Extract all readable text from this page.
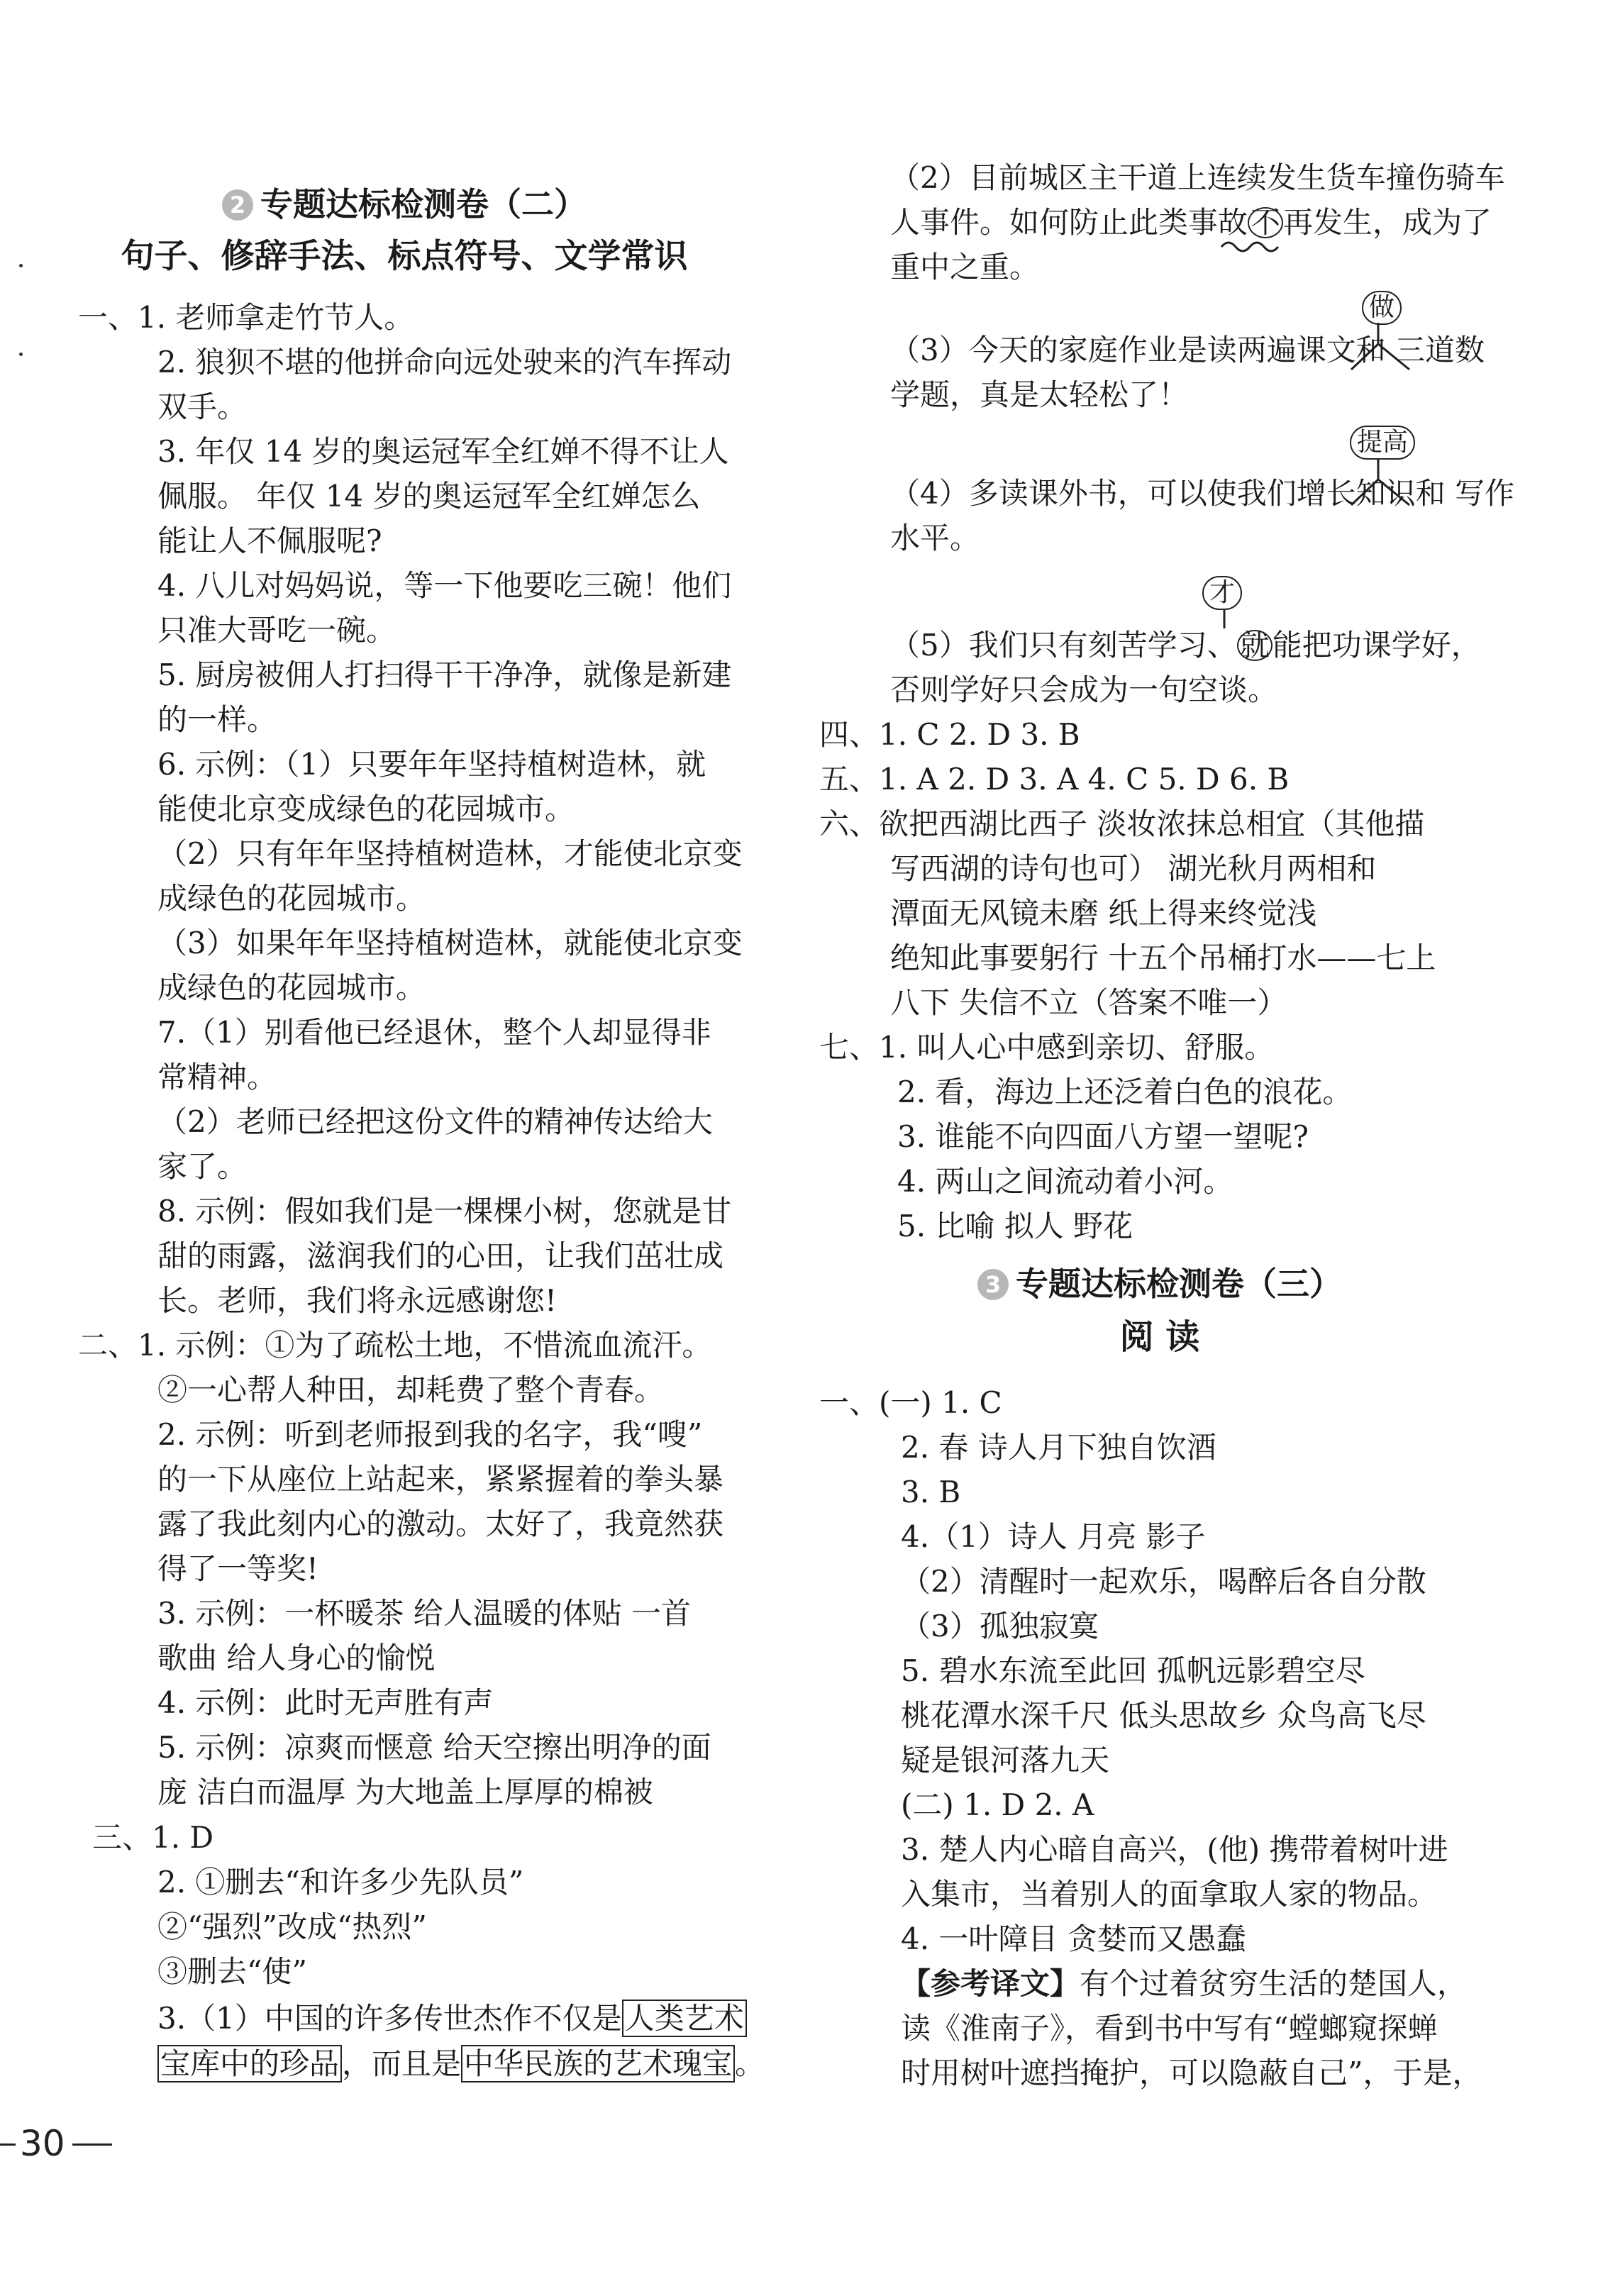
2 专题达标检测卷（二）
句子、修辞手法、标点符号、文学常识
一、1. 老师拿走竹节人。
2. 狼狈不堪的他拼命向远处驶来的汽车挥动
双手。
3. 年仅 14 岁的奥运冠军全红婵不得不让人
佩服。 年仅 14 岁的奥运冠军全红婵怎么
能让人不佩服呢?
4. 八儿对妈妈说，等一下他要吃三碗！他们
只准大哥吃一碗。
5. 厨房被佣人打扫得干干净净，就像是新建
的一样。
6. 示例：（1）只要年年坚持植树造林，就
能使北京变成绿色的花园城市。
（2）只有年年坚持植树造林，才能使北京变
成绿色的花园城市。
（3）如果年年坚持植树造林，就能使北京变
成绿色的花园城市。
7.（1）别看他已经退休，整个人却显得非
常精神。
（2）老师已经把这份文件的精神传达给大
家了。
8. 示例：假如我们是一棵棵小树，您就是甘
甜的雨露，滋润我们的心田，让我们茁壮成
长。老师，我们将永远感谢您!
二、1. 示例：①为了疏松土地，不惜流血流汗。
②一心帮人种田，却耗费了整个青春。
2. 示例：听到老师报到我的名字，我“嗖”
的一下从座位上站起来，紧紧握着的拳头暴
露了我此刻内心的激动。太好了，我竟然获
得了一等奖!
3. 示例：一杯暖茶 给人温暖的体贴 一首
歌曲 给人身心的愉悦
4. 示例：此时无声胜有声
5. 示例：凉爽而惬意 给天空擦出明净的面
庞 洁白而温厚 为大地盖上厚厚的棉被
三、1. D
2. ①删去“和许多少先队员”
②“强烈”改成“热烈”
③删去“使”
3.（1）中国的许多传世杰作不仅是人类艺术
宝库中的珍品，而且是中华民族的艺术瑰宝。
（2）目前城区主干道上连续发生货车撞伤骑车
人事件。如何防止此类事故不再发生，成为了
重中之重。
做
（3）今天的家庭作业是读两遍课文和 三道数
学题，真是太轻松了！
提高
（4）多读课外书，可以使我们增长知识和 写作
水平。
才
（5）我们只有刻苦学习、就能把功课学好，
否则学好只会成为一句空谈。
四、1. C 2. D 3. B
五、1. A 2. D 3. A 4. C 5. D 6. B
六、欲把西湖比西子 淡妆浓抹总相宜（其他描
写西湖的诗句也可） 湖光秋月两相和
潭面无风镜未磨 纸上得来终觉浅
绝知此事要躬行 十五个吊桶打水——七上
八下 失信不立（答案不唯一）
七、1. 叫人心中感到亲切、舒服。
2. 看，海边上还泛着白色的浪花。
3. 谁能不向四面八方望一望呢?
4. 两山之间流动着小河。
5. 比喻 拟人 野花
3 专题达标检测卷（三）
阅 读
一、(一) 1. C
2. 春 诗人月下独自饮酒
3. B
4.（1）诗人 月亮 影子
（2）清醒时一起欢乐，喝醉后各自分散
（3）孤独寂寞
5. 碧水东流至此回 孤帆远影碧空尽
桃花潭水深千尺 低头思故乡 众鸟高飞尽
疑是银河落九天
(二) 1. D 2. A
3. 楚人内心暗自高兴，(他) 携带着树叶进
入集市，当着别人的面拿取人家的物品。
4. 一叶障目 贪婪而又愚蠢
【参考译文】有个过着贫穷生活的楚国人，
读《淮南子》，看到书中写有“螳螂窥探蝉
时用树叶遮挡掩护，可以隐蔽自己”，于是，
30
